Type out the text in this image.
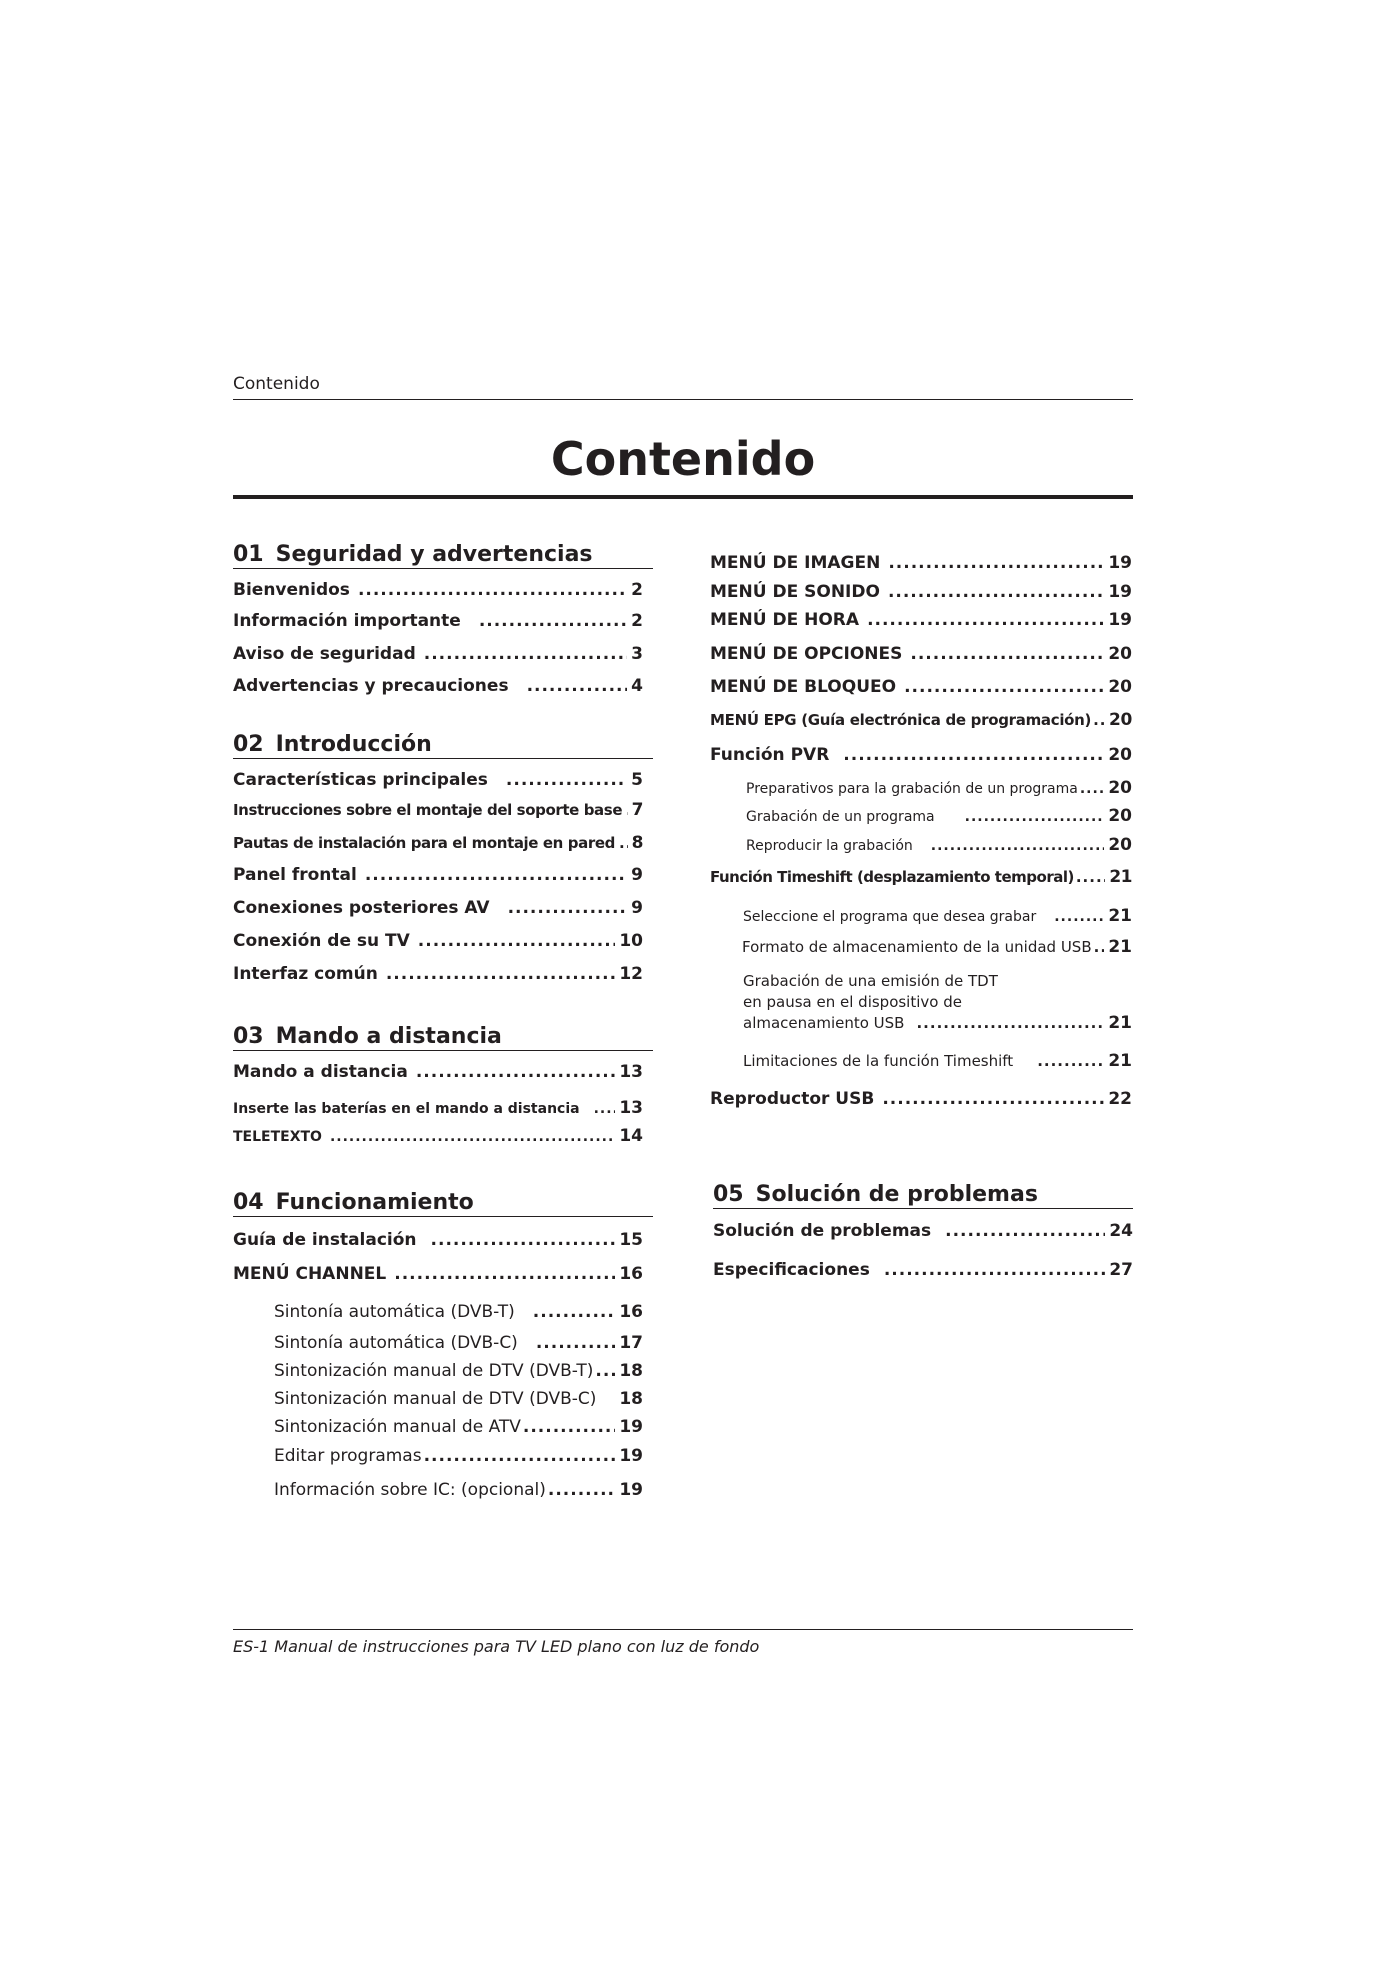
Contenido
Contenido
01 Seguridad y advertencias
Bienvenidos .....	2
Información importante .....	2
Aviso de seguridad .....	3
Advertencias y precauciones .....	4
02 Introducción
Características principales .....	5
Instrucciones sobre el montaje del soporte base ..... 7
Pautas de instalación para el montaje en pared ..... 8
Panel frontal .....	9
Conexiones posteriores AV .....	9
Conexión de su TV .....	10
Interfaz común .....	12
03 Mando a distancia
Mando a distancia .....	13
Inserte las baterías en el mando a distancia ..... 13
TELETEXTO .....	14
04 Funcionamiento
Guía de instalación .....	15
MENÚ CHANNEL .....	16
Sintonía automática (DVB-T) .....	16
Sintonía automática (DVB-C) .....	17
Sintonización manual de DTV (DVB-T) ..... 18
Sintonización manual de DTV (DVB-C) ..... 18
Sintonización manual de ATV .....	19
Editar programas .....	19
Información sobre IC: (opcional) .....	19
MENÚ DE IMAGEN .....	19
MENÚ DE SONIDO .....	19
MENÚ DE HORA .....	19
MENÚ DE OPCIONES .....	20
MENÚ DE BLOQUEO .....	20
MENÚ EPG (Guía electrónica de programación) ..... 20
Función PVR .....	20
Preparativos para la grabación de un programa ..... 20
Grabación de un programa .....	20
Reproducir la grabación .....	20
Función Timeshift (desplazamiento temporal) ..... 21
Seleccione el programa que desea grabar .....	21
Formato de almacenamiento de la unidad USB ..... 21
Grabación de una emisión de TDT
en pausa en el dispositivo de
almacenamiento USB .....	21
Limitaciones de la función Timeshift .....	21
Reproductor USB .....	22
05 Solución de problemas
Solución de problemas .....	24
Especificaciones .....	27
ES-1 Manual de instrucciones para TV LED plano con luz de fondo
